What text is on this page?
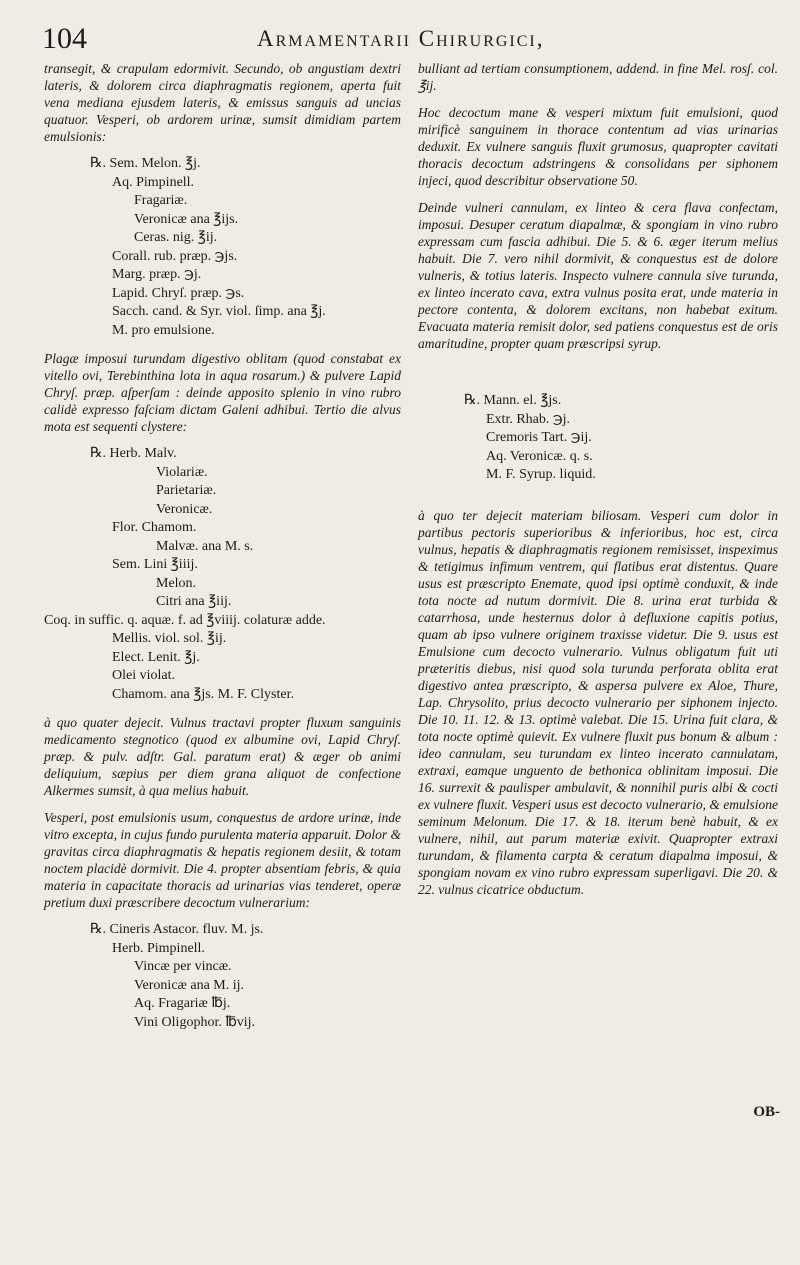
104	Armamentarii Chirurgici,

transegit, & crapulam edormivit. Secundo, ob angustiam dextri lateris, & dolorem circa diaphragmatis regionem, aperta fuit vena mediana ejusdem lateris, & emissus sanguis ad uncias quatuor. Vesperi, ob ardorem urinæ, sumsit dimidiam partem emulsionis:

℞. Sem. Melon. ℥j.
Aq. Pimpinell.
Fragariæ.
Veronicæ ana ℥ijs.
Ceras. nig. ℥ij.
Corall. rub. præp. ℈js.
Marg. præp. ℈j.
Lapid. Chryſ. præp. ℈s.
Sacch. cand. & Syr. viol. ſimp. ana ℥j.
M. pro emulsione.

Plagæ imposui turundam digestivo oblitam (quod constabat ex vitello ovi, Terebinthina lota in aqua rosarum.) & pulvere Lapid Chryſ. præp. aſperſam : deinde apposito splenio in vino rubro calidè expresso faſciam dictam Galeni adhibui. Tertio die alvus mota est sequenti clystere:

℞. Herb. Malv.
Violariæ.
Parietariæ.
Veronicæ.
Flor. Chamom.
Malvæ. ana M. s.
Sem. Lini ℥iiij.
Melon.
Citri ana ℥iij.
Coq. in suffic. q. aquæ. f. ad ℥viiij. colaturæ adde.
Mellis. viol. sol. ℥ij.
Elect. Lenit. ℥j.
Olei violat.
Chamom. ana ℥js. M. F. Clyster.

à quo quater dejecit. Vulnus tractavi propter fluxum sanguinis medicamento stegnotico (quod ex albumine ovi, Lapid Chryſ. præp. & pulv. adſtr. Gal. paratum erat) & æger ob animi deliquium, sæpius per diem grana aliquot de confectione Alkermes sumsit, à qua melius habuit.

Vesperi, post emulsionis usum, conquestus de ardore urinæ, inde vitro excepta, in cujus fundo purulenta materia apparuit. Dolor & gravitas circa diaphragmatis & hepatis regionem desiit, & totam noctem placidè dormivit. Die 4. propter absentiam febris, & quia materia in capacitate thoracis ad urinarias vias tenderet, operæ pretium duxi præscribere decoctum vulnerarium:

℞. Cineris Astacor. fluv. M. js.
Herb. Pimpinell.
Vincæ per vincæ.
Veronicæ ana M. ij.
Aq. Fragariæ ℔j.
Vini Oligophor. ℔vij.

bulliant ad tertiam consumptionem, addend. in fine Mel. rosʃ. col. ℥ij.

Hoc decoctum mane & vesperi mixtum fuit emulsioni, quod mirificè sanguinem in thorace contentum ad vias urinarias deduxit. Ex vulnere sanguis fluxit grumosus, quapropter cavitati thoracis decoctum adstringens & consolidans per siphonem injeci, quod describitur observatione 50.

Deinde vulneri cannulam, ex linteo & cera flava confectam, imposui. Desuper ceratum diapalmæ, & spongiam in vino rubro expressam cum fascia adhibui. Die 5. & 6. æger iterum melius habuit. Die 7. vero nihil dormivit, & conquestus est de dolore vulneris, & totius lateris. Inspecto vulnere cannula sive turunda, ex linteo incerato cava, extra vulnus posita erat, unde materia in pectore contenta, & dolorem excitans, non habebat exitum. Evacuata materia remisit dolor, sed patiens conquestus est de oris amaritudine, propter quam præscripsi syrup.

℞. Mann. el. ℥js.
Extr. Rhab. ℈j.
Cremoris Tart. ℈ij.
Aq. Veronicæ. q. s.
M. F. Syrup. liquid.

à quo ter dejecit materiam biliosam. Vesperi cum dolor in partibus pectoris superioribus & inferioribus, hoc est, circa vulnus, hepatis & diaphragmatis regionem remisisset, inspeximus & tetigimus infimum ventrem, qui flatibus erat distentus. Quare usus est præscripto Enemate, quod ipsi optimè conduxit, & inde tota nocte ad nutum dormivit. Die 8. urina erat turbida & catarrhosa, unde hesternus dolor à defluxione capitis potius, quam ab ipso vulnere originem traxisse videtur. Die 9. usus est Emulsione cum decocto vulnerario. Vulnus obligatum fuit uti præteritis diebus, nisi quod sola turunda perforata oblita erat digestivo antea præscripto, & aspersa pulvere ex Aloe, Thure, Lap. Chrysolito, prius decocto vulnerario per siphonem injecto. Die 10. 11. 12. & 13. optimè valebat. Die 15. Urina fuit clara, & tota nocte optimè quievit. Ex vulnere fluxit pus bonum & album : ideo cannulam, seu turundam ex linteo incerato cannulatam, extraxi, eamque unguento de bethonica oblinitam imposui. Die 16. surrexit & paulisper ambulavit, & nonnihil puris albi & cocti ex vulnere fluxit. Vesperi usus est decocto vulnerario, & emulsione seminum Melonum. Die 17. & 18. iterum benè habuit, & ex vulnere, nihil, aut parum materiæ exivit. Quapropter extraxi turundam, & filamenta carpta & ceratum diapalma imposui, & spongiam novam ex vino rubro expressam superligavi. Die 20. & 22. vulnus cicatrice obductum.

OB-
